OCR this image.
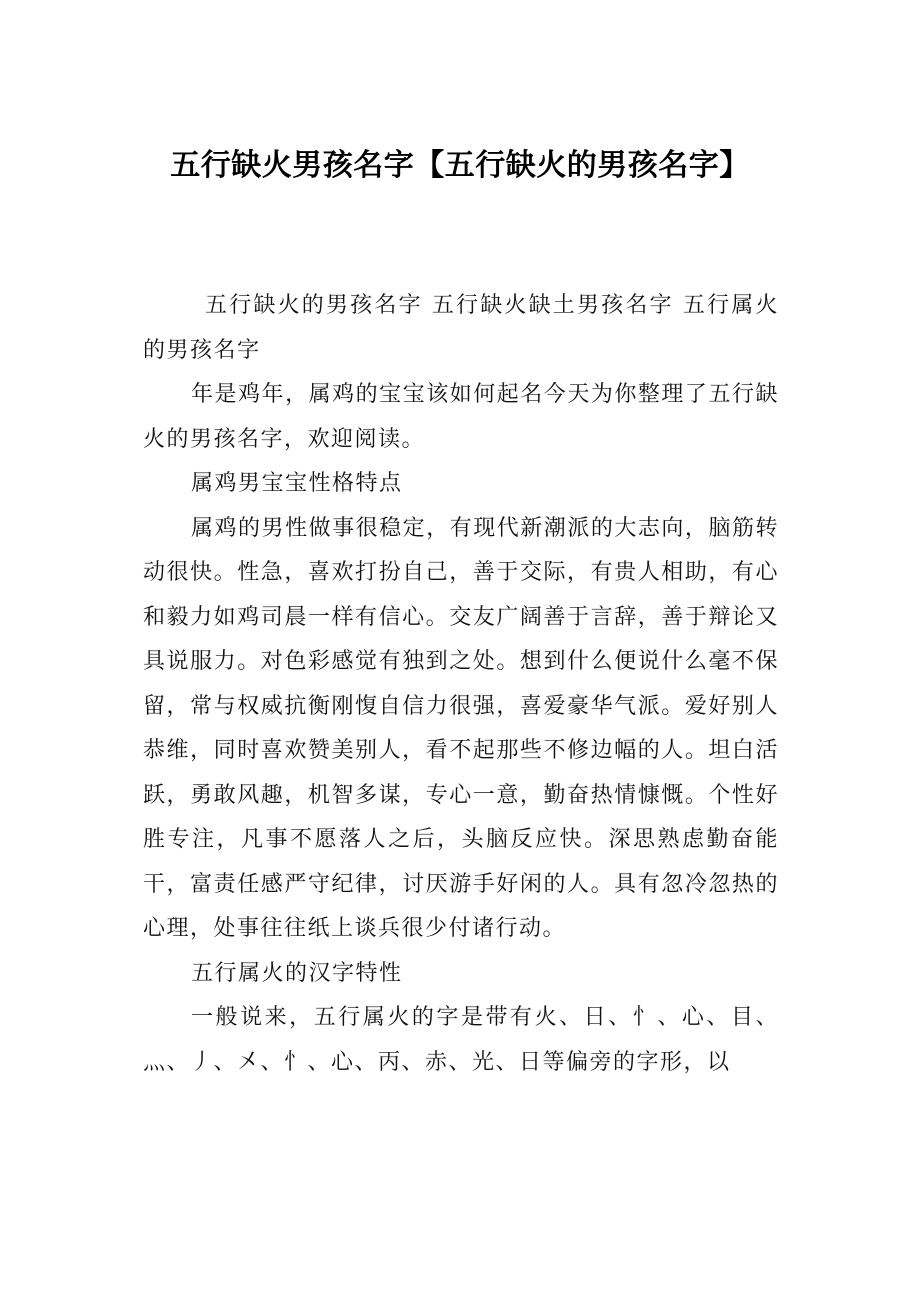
五行缺火男孩名字【五行缺火的男孩名字】

五行缺火的男孩名字 五行缺火缺土男孩名字 五行属火的男孩名字

年是鸡年，属鸡的宝宝该如何起名今天为你整理了五行缺火的男孩名字，欢迎阅读。

属鸡男宝宝性格特点

属鸡的男性做事很稳定，有现代新潮派的大志向，脑筋转动很快。性急，喜欢打扮自己，善于交际，有贵人相助，有心和毅力如鸡司晨一样有信心。交友广阔善于言辞，善于辩论又具说服力。对色彩感觉有独到之处。想到什么便说什么毫不保留，常与权威抗衡刚愎自信力很强，喜爱豪华气派。爱好别人恭维，同时喜欢赞美别人，看不起那些不修边幅的人。坦白活跃，勇敢风趣，机智多谋，专心一意，勤奋热情慷慨。个性好胜专注，凡事不愿落人之后，头脑反应快。深思熟虑勤奋能干，富责任感严守纪律，讨厌游手好闲的人。具有忽冷忽热的心理，处事往往纸上谈兵很少付诸行动。

五行属火的汉字特性

一般说来，五行属火的字是带有火、日、忄、心、目、灬、丿、㐅、忄、心、丙、赤、光、日等偏旁的字形，以
